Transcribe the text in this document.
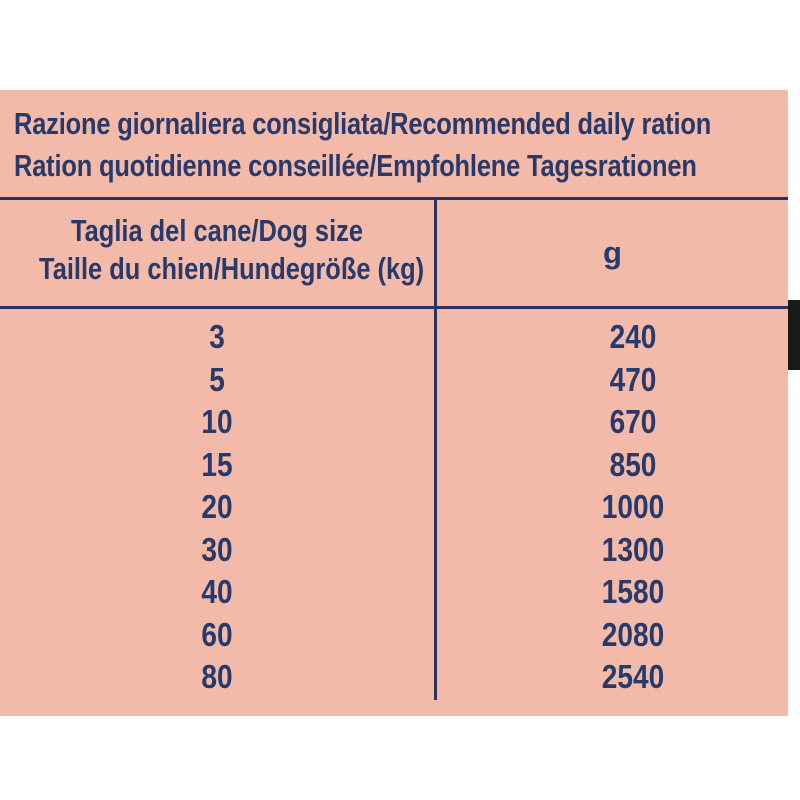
Razione giornaliera consigliata/Recommended daily ration
Ration quotidienne conseillée/Empfohlene Tagesrationen
Taglia del cane/Dog size
Taille du chien/Hundegröße (kg)	g
3	240
5	470
10	670
15	850
20	1000
30	1300
40	1580
60	2080
80	2540
